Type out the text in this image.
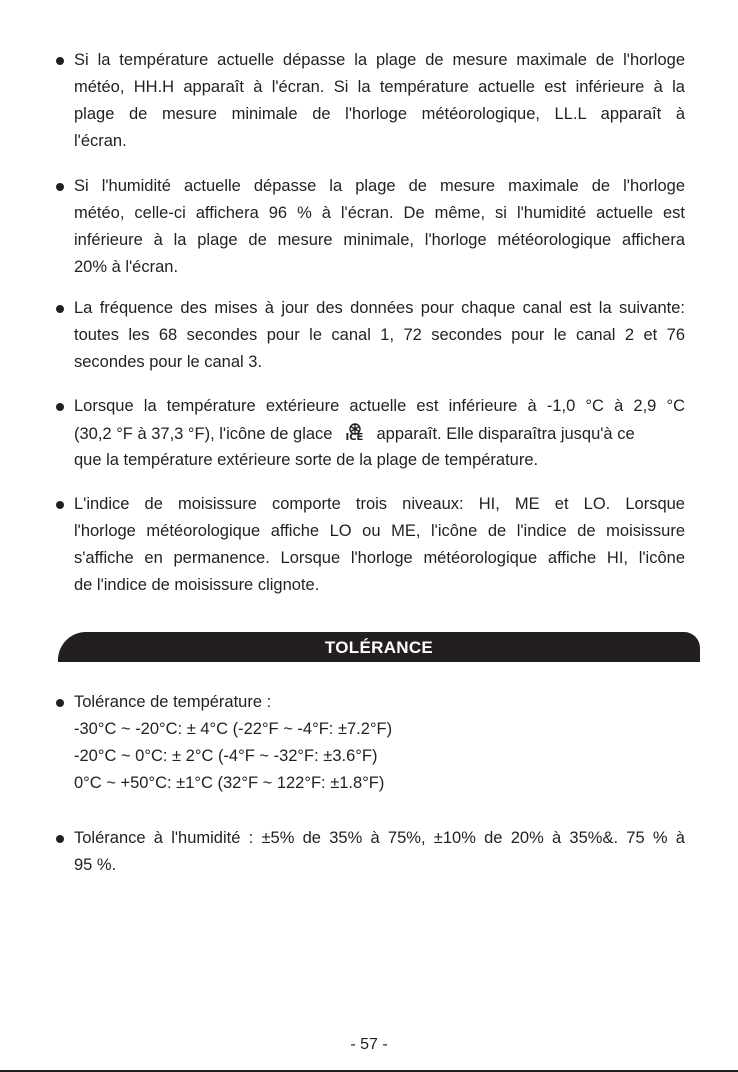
Si la température actuelle dépasse la plage de mesure maximale de l'horloge
météo, HH.H apparaît à l'écran. Si la température actuelle est inférieure à la
plage de mesure minimale de l'horloge météorologique, LL.L apparaît à
l'écran.
Si l'humidité actuelle dépasse la plage de mesure maximale de l'horloge
météo, celle-ci affichera 96 % à l'écran. De même, si l'humidité actuelle est
inférieure à la plage de mesure minimale, l'horloge météorologique affichera
20% à l'écran.
La fréquence des mises à jour des données pour chaque canal est la suivante:
toutes les 68 secondes pour le canal 1, 72 secondes pour le canal 2 et 76
secondes pour le canal 3.
Lorsque la température extérieure actuelle est inférieure à -1,0 °C à 2,9 °C
(30,2 °F à 37,3 °F), l'icône de glace ICE apparaît. Elle disparaîtra jusqu'à ce
que la température extérieure sorte de la plage de température.
L'indice de moisissure comporte trois niveaux: HI, ME et LO. Lorsque
l'horloge météorologique affiche LO ou ME, l'icône de l'indice de moisissure
s'affiche en permanence. Lorsque l'horloge météorologique affiche HI, l'icône
de l'indice de moisissure clignote.
TOLÉRANCE
Tolérance de température :
-30°C ~ -20°C: ± 4°C (-22°F ~ -4°F: ±7.2°F)
-20°C ~ 0°C: ± 2°C (-4°F ~ -32°F: ±3.6°F)
0°C ~ +50°C: ±1°C (32°F ~ 122°F: ±1.8°F)
Tolérance à l'humidité : ±5% de 35% à 75%, ±10% de 20% à 35%&. 75 % à
95 %.
- 57 -
